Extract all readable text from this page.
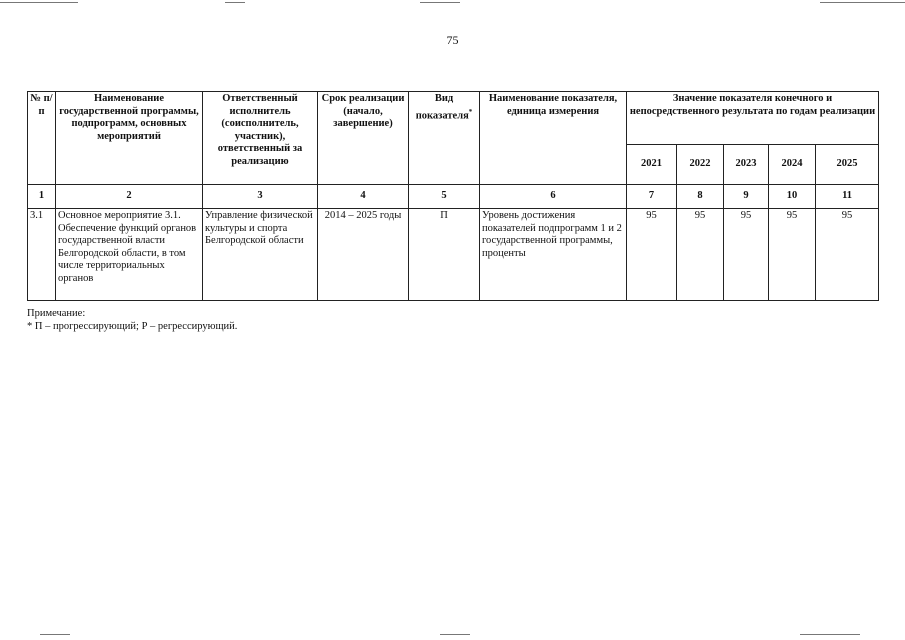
75
№ п/п	Наименование государственной программы, подпрограмм, основных мероприятий	Ответственный исполнитель (соисполнитель, участник), ответственный за реализацию	Срок реализации (начало, завершение)	Вид показателя*	Наименование показателя, единица измерения	Значение показателя конечного и непосредственного результата по годам реализации				
						2021	2022	2023	2024	2025
1	2	3	4	5	6	7	8	9	10	11
3.1	Основное мероприятие 3.1. Обеспечение функций органов государственной власти Белгородской области, в том числе территориальных органов	Управление физической культуры и спорта Белгородской области	2014 – 2025 годы	П	Уровень достижения показателей подпрограмм 1 и 2 государственной программы, проценты	95	95	95	95	95
Примечание:
* П – прогрессирующий; Р – регрессирующий.
